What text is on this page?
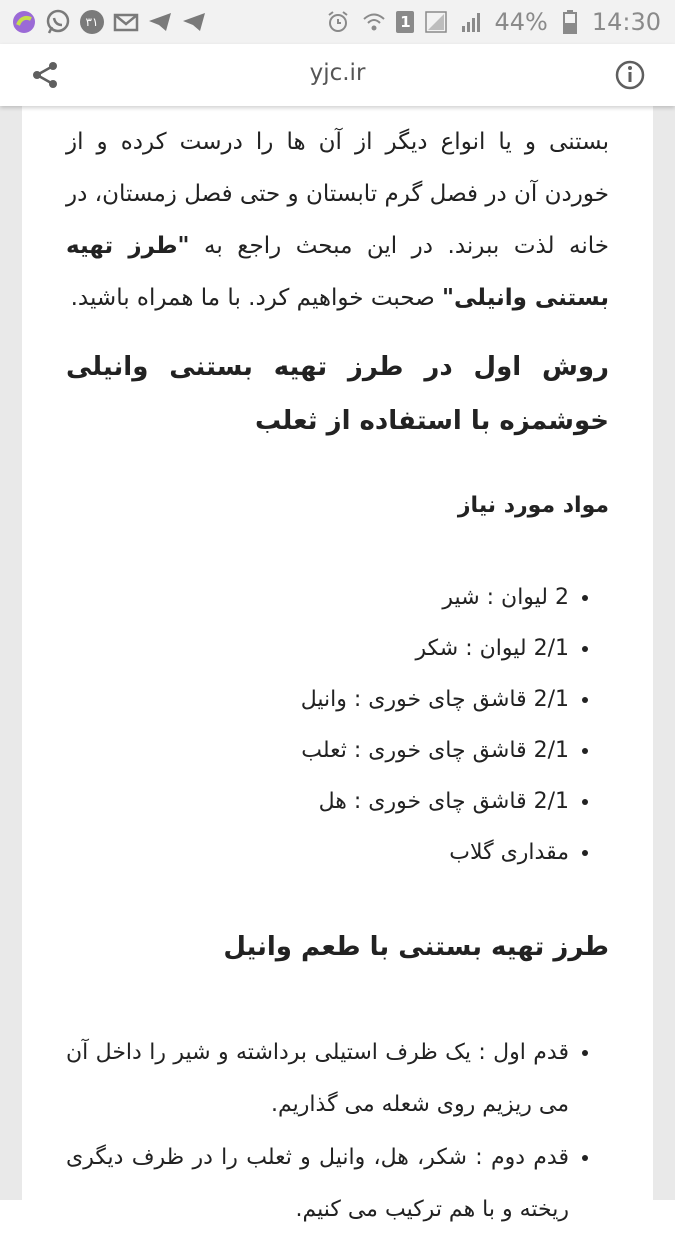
۳۱	1	44% 14:30
yjc.ir

بستنی و یا انواع دیگر از آن ها را درست کرده و از خوردن آن در فصل گرم تابستان و حتی فصل زمستان، در خانه لذت ببرند. در این مبحث راجع به "طرز تهیه بستنی وانیلی" صحبت خواهیم کرد. با ما همراه باشید.

روش اول در طرز تهیه بستنی وانیلی خوشمزه با استفاده از ثعلب
مواد مورد نیاز
• 2 لیوان : شیر
• 2/1 لیوان : شکر
• 2/1 قاشق چای خوری : وانیل
• 2/1 قاشق چای خوری : ثعلب
• 2/1 قاشق چای خوری : هل
• مقداری گلاب
طرز تهیه بستنی با طعم وانیل
• قدم اول : یک ظرف استیلی برداشته و شیر را داخل آن می ریزیم روی شعله می گذاریم.
• قدم دوم : شکر، هل، وانیل و ثعلب را در ظرف دیگری ریخته و با هم ترکیب می کنیم.
